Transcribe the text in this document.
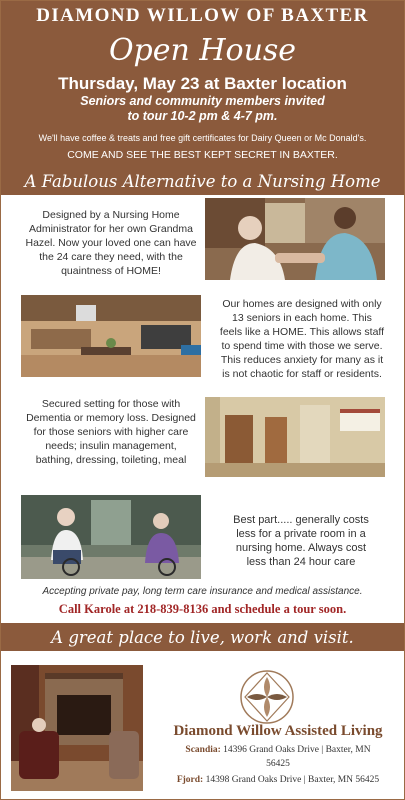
DIAMOND WILLOW OF BAXTER
Open House
Thursday, May 23 at Baxter location
Seniors and community members invited
to tour 10-2 pm & 4-7 pm.
We'll have coffee & treats and free gift certificates for Dairy Queen or Mc Donald's.
COME AND SEE THE BEST KEPT SECRET IN BAXTER.
A Fabulous Alternative to a Nursing Home
Designed by a Nursing Home
Administrator for her own Grandma
Hazel. Now your loved one can have
the 24 care they need, with the
quaintness of HOME!
Our homes are designed with only
13 seniors in each home. This
feels like a HOME. This allows staff
to spend time with those we serve.
This reduces anxiety for many as it
is not chaotic for staff or residents.
Secured setting for those with
Dementia or memory loss. Designed
for those seniors with higher care
needs; insulin management,
bathing, dressing, toileting, meal
Best part..... generally costs
less for a private room in a
nursing home. Always cost
less than 24 hour care
Accepting private pay, long term care insurance and medical assistance.
Call Karole at 218-839-8136 and schedule a tour soon.
A great place to live, work and visit.
Diamond Willow Assisted Living
Scandia: 14396 Grand Oaks Drive | Baxter, MN
56425
Fjord: 14398 Grand Oaks Drive | Baxter, MN 56425
